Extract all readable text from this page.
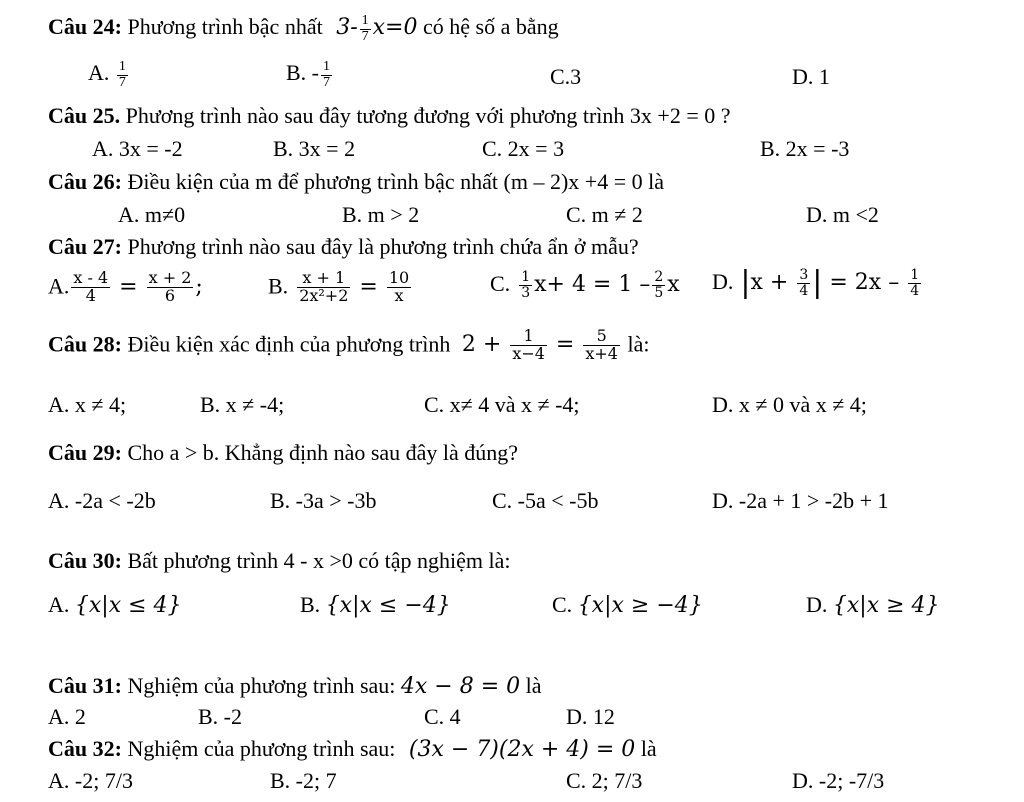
Câu 24: Phương trình bậc nhất $3- \frac{1}{7} x=0$ có hệ số a bằng
A. $\frac{1}{7}$	B. - $\frac{1}{7}$	C.3	D. 1
Câu 25. Phương trình nào sau đây tương đương với phương trình 3x +2 = 0 ?
A. 3x = -2	B. 3x = 2	C. 2x = 3	B. 2x = -3
Câu 26: Điều kiện của m để phương trình bậc nhất (m – 2)x +4 = 0 là
A. m≠0	B. m > 2	C. m ≠ 2	D. m <2
Câu 27: Phương trình nào sau đây là phương trình chứa ẩn ở mẫu?
A. $\frac{x - 4}{4} = \frac{x + 2}{6}$ ;	B. $\frac{x + 1}{\text{2x²+2}} = \frac{10}{x}$	C. $\frac{1}{3} x+ 4 = 1 - \frac{2}{5}$ x D. $|x + \frac{3}{4}$ | = $2x - \frac{1}{4}$
Câu 28: Điều kiện xác định của phương trình $2 + \frac{1}{x-4} = \frac{5}{x+4}$ là:
A. x ≠ 4;	B. x ≠ -4;	C. x≠ 4 và x ≠ -4;	D. x ≠ 0 và x ≠ 4;
Câu 29: Cho a > b. Khẳng định nào sau đây là đúng?
A. -2a < -2b	B. -3a > -3b	C. -5a < -5b	D. -2a + 1 > -2b + 1
Câu 30: Bất phương trình 4 - x >0 có tập nghiệm là:
A. {x|x ≤ 4}	B. {x|x ≤ −4}	C. {x|x ≥ −4}	D. {x|x ≥ 4}
Câu 31: Nghiệm của phương trình sau: 4x − 8 = 0 là
A. 2	B. -2	C. 4	D. 12
Câu 32: Nghiệm của phương trình sau: (3x − 7)(2x + 4) = 0 là
A. -2; 7/3	B. -2; 7	C. 2; 7/3	D. -2; -7/3
